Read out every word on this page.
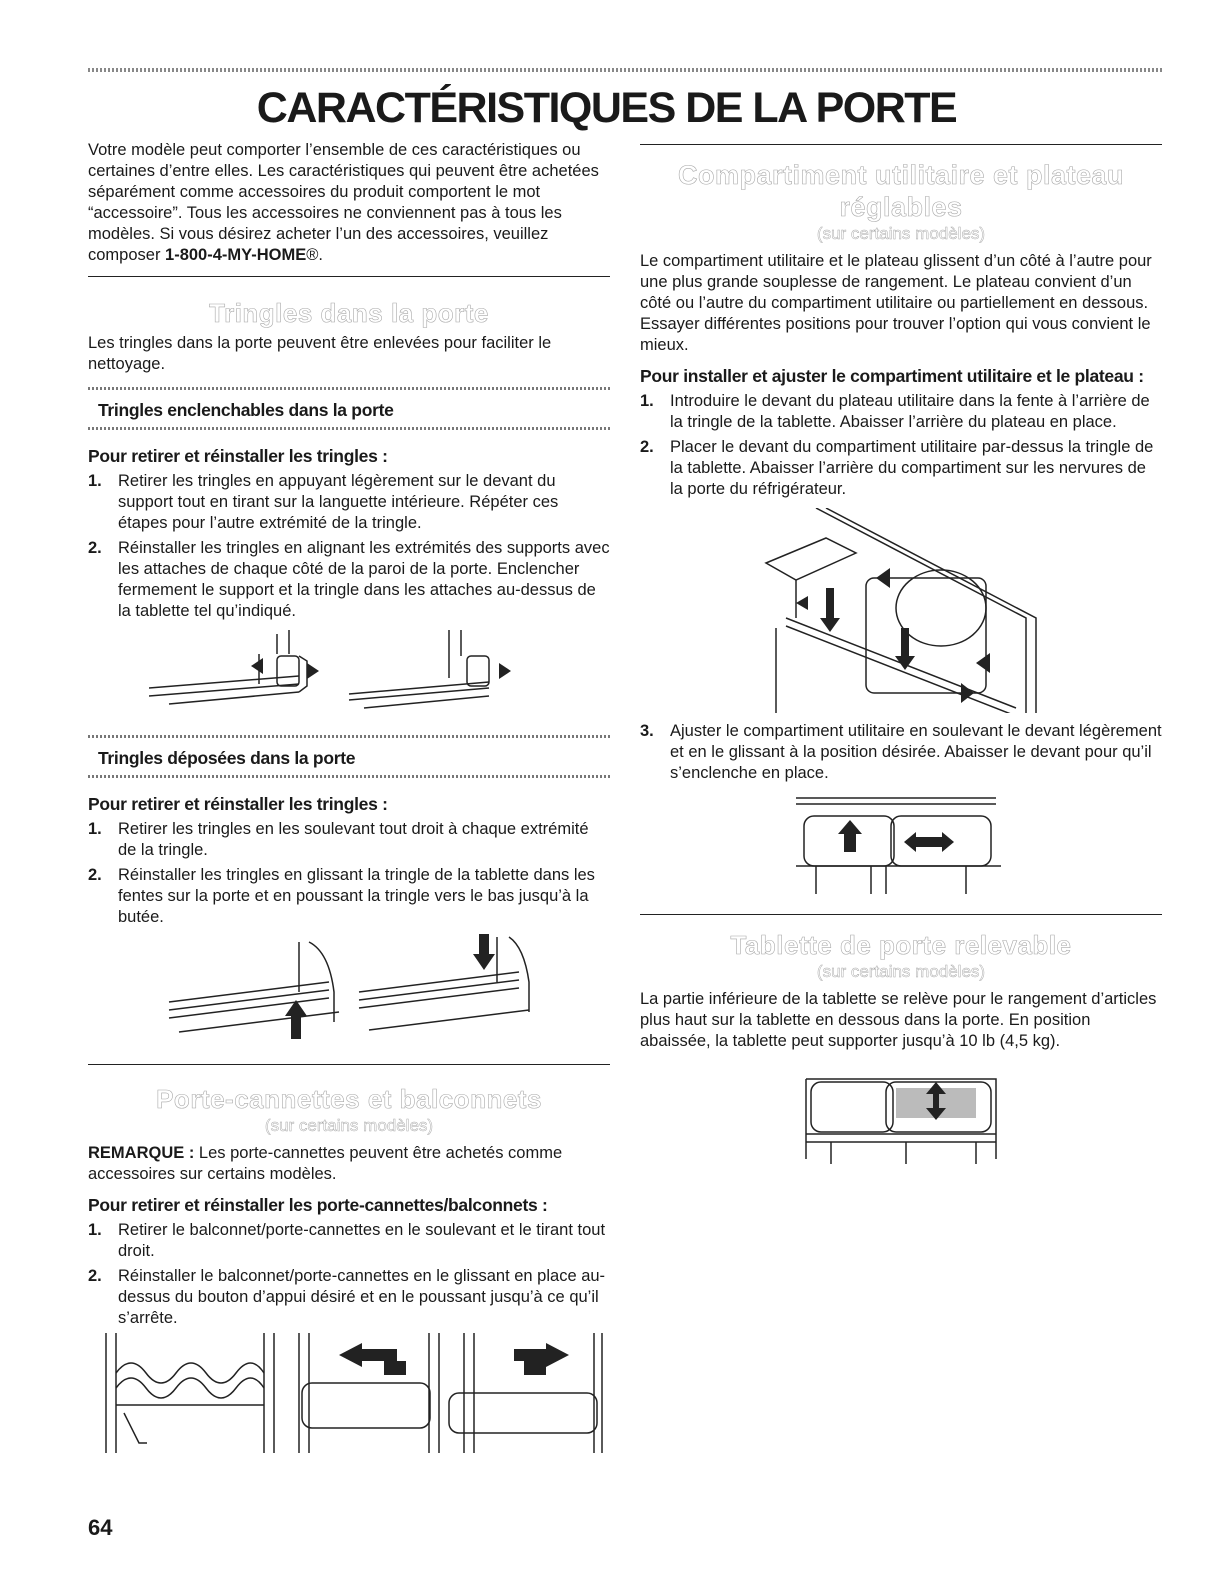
CARACTÉRISTIQUES DE LA PORTE

Votre modèle peut comporter l’ensemble de ces caractéristiques ou certaines d’entre elles. Les caractéristiques qui peuvent être achetées séparément comme accessoires du produit comportent le mot “accessoire”. Tous les accessoires ne conviennent pas à tous les modèles. Si vous désirez acheter l’un des accessoires, veuillez composer 1-800-4-MY-HOME®.

Tringles dans la porte

Les tringles dans la porte peuvent être enlevées pour faciliter le nettoyage.

Tringles enclenchables dans la porte
Pour retirer et réinstaller les tringles :
1. Retirer les tringles en appuyant légèrement sur le devant du support tout en tirant sur la languette intérieure. Répéter ces étapes pour l’autre extrémité de la tringle.
2. Réinstaller les tringles en alignant les extrémités des supports avec les attaches de chaque côté de la paroi de la porte. Enclencher fermement le support et la tringle dans les attaches au-dessus de la tablette tel qu’indiqué.
Tringles déposées dans la porte
Pour retirer et réinstaller les tringles :
1. Retirer les tringles en les soulevant tout droit à chaque extrémité de la tringle.
2. Réinstaller les tringles en glissant la tringle de la tablette dans les fentes sur la porte et en poussant la tringle vers le bas jusqu’à la butée.
Porte-cannettes et balconnets
(sur certains modèles)

REMARQUE : Les porte-cannettes peuvent être achetés comme accessoires sur certains modèles.

Pour retirer et réinstaller les porte-cannettes/balconnets :
1. Retirer le balconnet/porte-cannettes en le soulevant et le tirant tout droit.
2. Réinstaller le balconnet/porte-cannettes en le glissant en place au-dessus du bouton d’appui désiré et en le poussant jusqu’à ce qu’il s’arrête.
Compartiment utilitaire et plateau réglables
(sur certains modèles)

Le compartiment utilitaire et le plateau glissent d’un côté à l’autre pour une plus grande souplesse de rangement. Le plateau convient d’un côté ou l’autre du compartiment utilitaire ou partiellement en dessous. Essayer différentes positions pour trouver l’option qui vous convient le mieux.

Pour installer et ajuster le compartiment utilitaire et le plateau :
1. Introduire le devant du plateau utilitaire dans la fente à l’arrière de la tringle de la tablette. Abaisser l’arrière du plateau en place.
2. Placer le devant du compartiment utilitaire par-dessus la tringle de la tablette. Abaisser l’arrière du compartiment sur les nervures de la porte du réfrigérateur.
3. Ajuster le compartiment utilitaire en soulevant le devant légèrement et en le glissant à la position désirée. Abaisser le devant pour qu’il s’enclenche en place.
Tablette de porte relevable
(sur certains modèles)

La partie inférieure de la tablette se relève pour le rangement d’articles plus haut sur la tablette en dessous dans la porte. En position abaissée, la tablette peut supporter jusqu’à 10 lb (4,5 kg).

64
